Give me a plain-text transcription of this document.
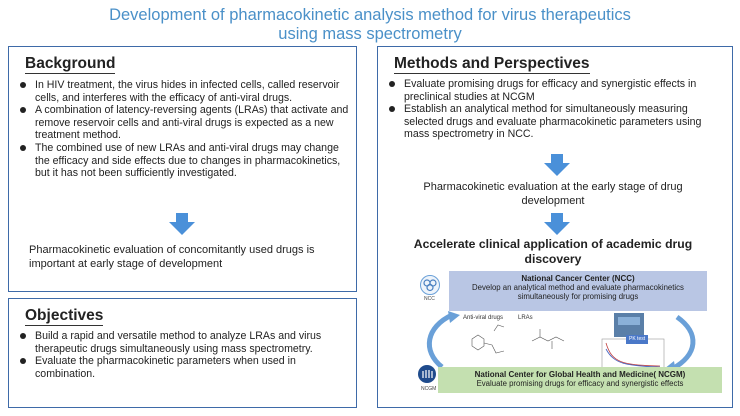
Development of pharmacokinetic analysis method for virus therapeutics
using mass spectrometry
Background
In HIV treatment, the virus hides in infected cells, called reservoir cells, and interferes with the efficacy of anti-viral drugs.
A combination of latency-reversing agents (LRAs) that activate and remove reservoir cells and anti-viral drugs is expected as a new treatment method.
The combined use of new LRAs and anti-viral drugs may change the efficacy and side effects due to changes in pharmacokinetics, but it has not been sufficiently investigated.
Pharmacokinetic evaluation of concomitantly used drugs is important at early stage of development
Objectives
Build a rapid and versatile method to analyze LRAs and virus therapeutic drugs simultaneously using mass spectrometry.
Evaluate the pharmacokinetic parameters when used in combination.
Methods and Perspectives
Evaluate promising drugs for efficacy and synergistic effects in preclinical studies at NCGM
Establish an analytical method for simultaneously measuring selected drugs and evaluate pharmacokinetic parameters using mass spectrometry in NCC.
Pharmacokinetic evaluation at the early stage of drug development
Accelerate clinical application of academic drug discovery
NCC
National Cancer Center (NCC)
Develop an analytical method and evaluate pharmacokinetics simultaneously for promising drugs
Anti-viral drugs LRAs
PK test
NCGM
National Center for Global Health and Medicine( NCGM)
Evaluate promising drugs for efficacy and synergistic effects
